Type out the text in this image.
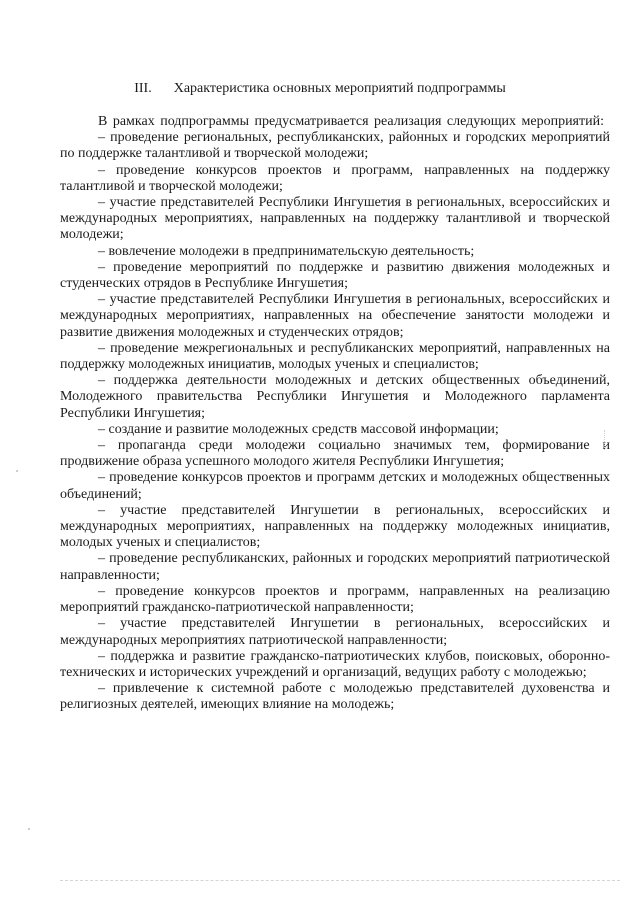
III. Характеристика основных мероприятий подпрограммы

В рамках подпрограммы предусматривается реализация следующих мероприятий:

– проведение региональных, республиканских, районных и городских мероприятий по поддержке талантливой и творческой молодежи;

– проведение конкурсов проектов и программ, направленных на поддержку талантливой и творческой молодежи;

– участие представителей Республики Ингушетия в региональных, всероссийских и международных мероприятиях, направленных на поддержку талантливой и творческой молодежи;

– вовлечение молодежи в предпринимательскую деятельность;

– проведение мероприятий по поддержке и развитию движения молодежных и студенческих отрядов в Республике Ингушетия;

– участие представителей Республики Ингушетия в региональных, всероссийских и международных мероприятиях, направленных на обеспечение занятости молодежи и развитие движения молодежных и студенческих отрядов;

– проведение межрегиональных и республиканских мероприятий, направленных на поддержку молодежных инициатив, молодых ученых и специалистов;

– поддержка деятельности молодежных и детских общественных объединений, Молодежного правительства Республики Ингушетия и Молодежного парламента Республики Ингушетия;

– создание и развитие молодежных средств массовой информации;

– пропаганда среди молодежи социально значимых тем, формирование и продвижение образа успешного молодого жителя Республики Ингушетия;

– проведение конкурсов проектов и программ детских и молодежных общественных объединений;

– участие представителей Ингушетии в региональных, всероссийских и международных мероприятиях, направленных на поддержку молодежных инициатив, молодых ученых и специалистов;

– проведение республиканских, районных и городских мероприятий патриотической направленности;

– проведение конкурсов проектов и программ, направленных на реализацию мероприятий гражданско-патриотической направленности;

– участие представителей Ингушетии в региональных, всероссийских и международных мероприятиях патриотической направленности;

– поддержка и развитие гражданско-патриотических клубов, поисковых, оборонно-технических и исторических учреждений и организаций, ведущих работу с молодежью;

– привлечение к системной работе с молодежью представителей духовенства и религиозных деятелей, имеющих влияние на молодежь;
